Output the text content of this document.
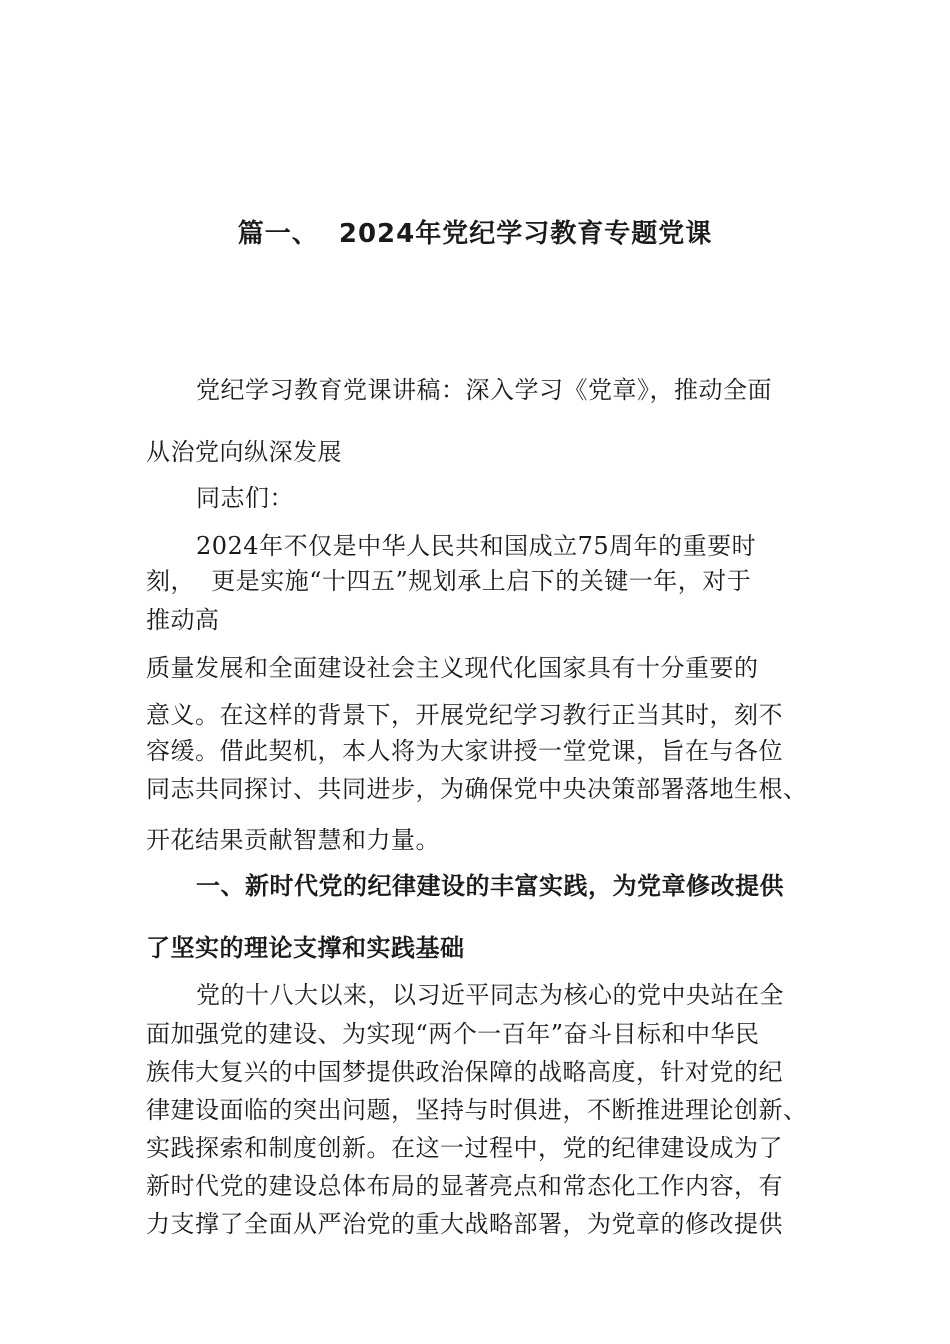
篇一、  2024年党纪学习教育专题党课
党纪学习教育党课讲稿：深入学习《党章》，推动全面
从治党向纵深发展
同志们：
2024年不仅是中华人民共和国成立75周年的重要时
刻，  更是实施“十四五”规划承上启下的关键一年，对于
推动高
质量发展和全面建设社会主义现代化国家具有十分重要的
意义。在这样的背景下，开展党纪学习教行正当其时，刻不
容缓。借此契机，本人将为大家讲授一堂党课，旨在与各位
同志共同探讨、共同进步，为确保党中央决策部署落地生根、
开花结果贡献智慧和力量。
一、新时代党的纪律建设的丰富实践，为党章修改提供
了坚实的理论支撑和实践基础
党的十八大以来，以习近平同志为核心的党中央站在全
面加强党的建设、为实现“两个一百年”奋斗目标和中华民
族伟大复兴的中国梦提供政治保障的战略高度，针对党的纪
律建设面临的突出问题，坚持与时俱进，不断推进理论创新、
实践探索和制度创新。在这一过程中，党的纪律建设成为了
新时代党的建设总体布局的显著亮点和常态化工作内容，有
力支撑了全面从严治党的重大战略部署，为党章的修改提供
